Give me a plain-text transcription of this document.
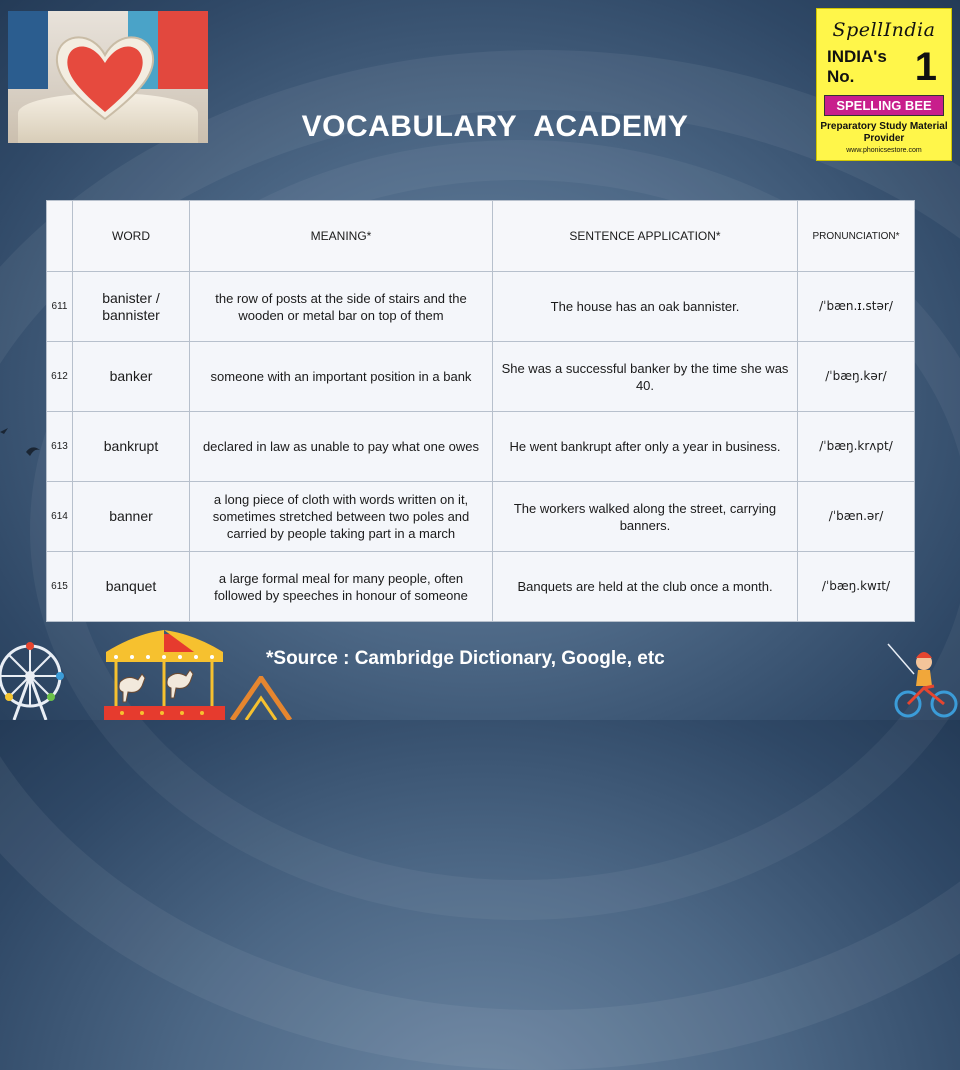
VOCABULARY  ACADEMY
SpellIndia
INDIA's
No. 1
SPELLING BEE
Preparatory Study Material Provider
www.phonicsestore.com
	WORD	MEANING*	SENTENCE APPLICATION*	PRONUNCIATION*
611	banister / bannister	the row of posts at the side of stairs and the wooden or metal bar on top of them	The house has an oak bannister.	/ˈbæn.ɪ.stər/
612	banker	someone with an important position in a bank	She was a successful banker by the time she was 40.	/ˈbæŋ.kər/
613	bankrupt	declared in law as unable to pay what one owes	He went bankrupt after only a year in business.	/ˈbæŋ.krʌpt/
614	banner	a long piece of cloth with words written on it, sometimes stretched between two poles and carried by people taking part in a march	The workers walked along the street, carrying banners.	/ˈbæn.ər/
615	banquet	a large formal meal for many people, often followed by speeches in honour of someone	Banquets are held at the club once a month.	/ˈbæŋ.kwɪt/
*Source : Cambridge Dictionary, Google, etc
